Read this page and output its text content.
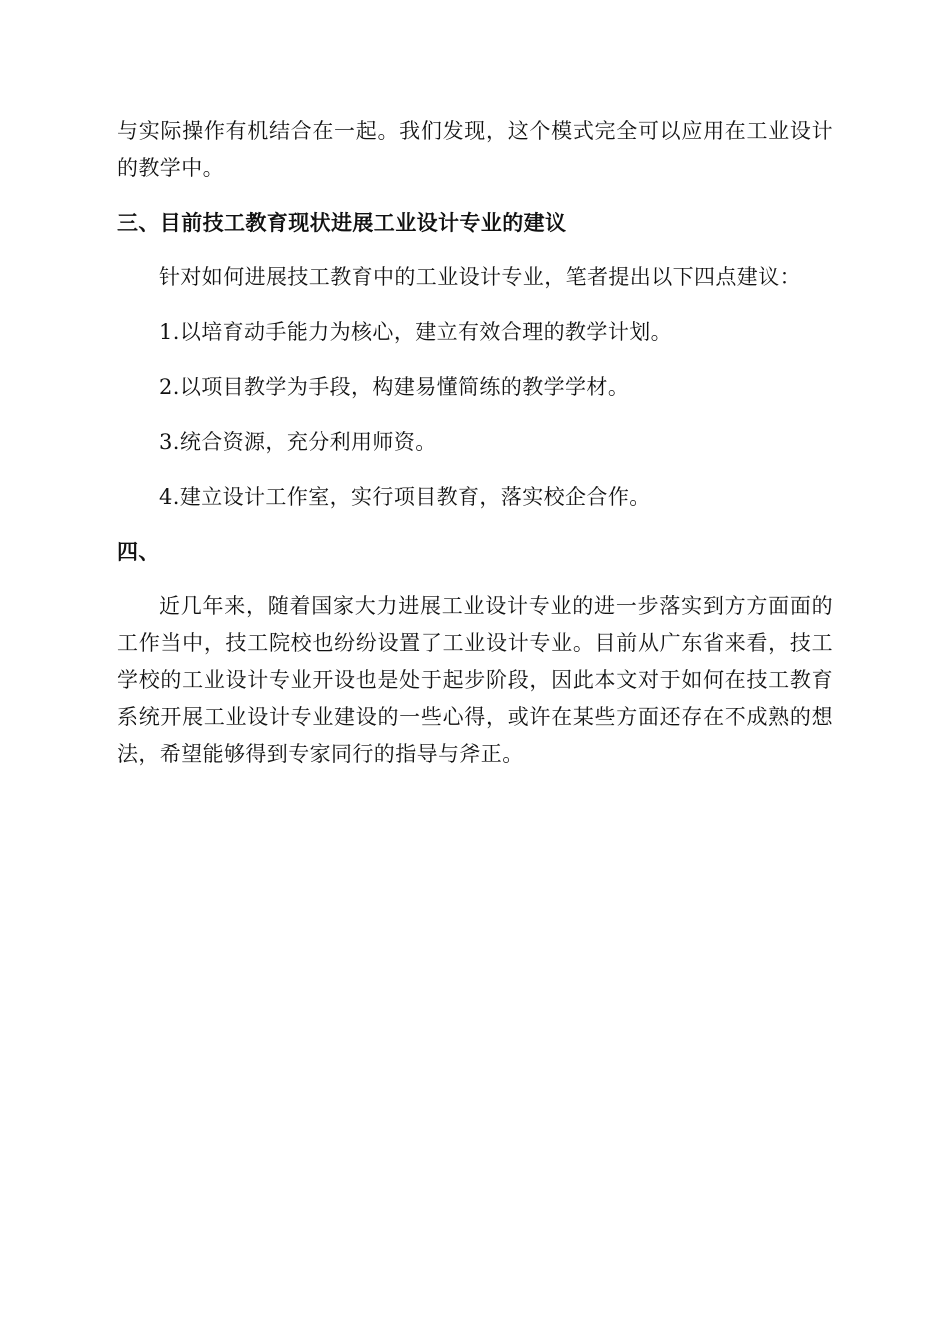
与实际操作有机结合在一起。我们发现，这个模式完全可以应用在工业设计的教学中。

三、目前技工教育现状进展工业设计专业的建议

针对如何进展技工教育中的工业设计专业，笔者提出以下四点建议：

1.以培育动手能力为核心，建立有效合理的教学计划。

2.以项目教学为手段，构建易懂简练的教学学材。

3.统合资源，充分利用师资。

4.建立设计工作室，实行项目教育，落实校企合作。

四、

近几年来，随着国家大力进展工业设计专业的进一步落实到方方面面的工作当中，技工院校也纷纷设置了工业设计专业。目前从广东省来看，技工学校的工业设计专业开设也是处于起步阶段，因此本文对于如何在技工教育系统开展工业设计专业建设的一些心得，或许在某些方面还存在不成熟的想法，希望能够得到专家同行的指导与斧正。
